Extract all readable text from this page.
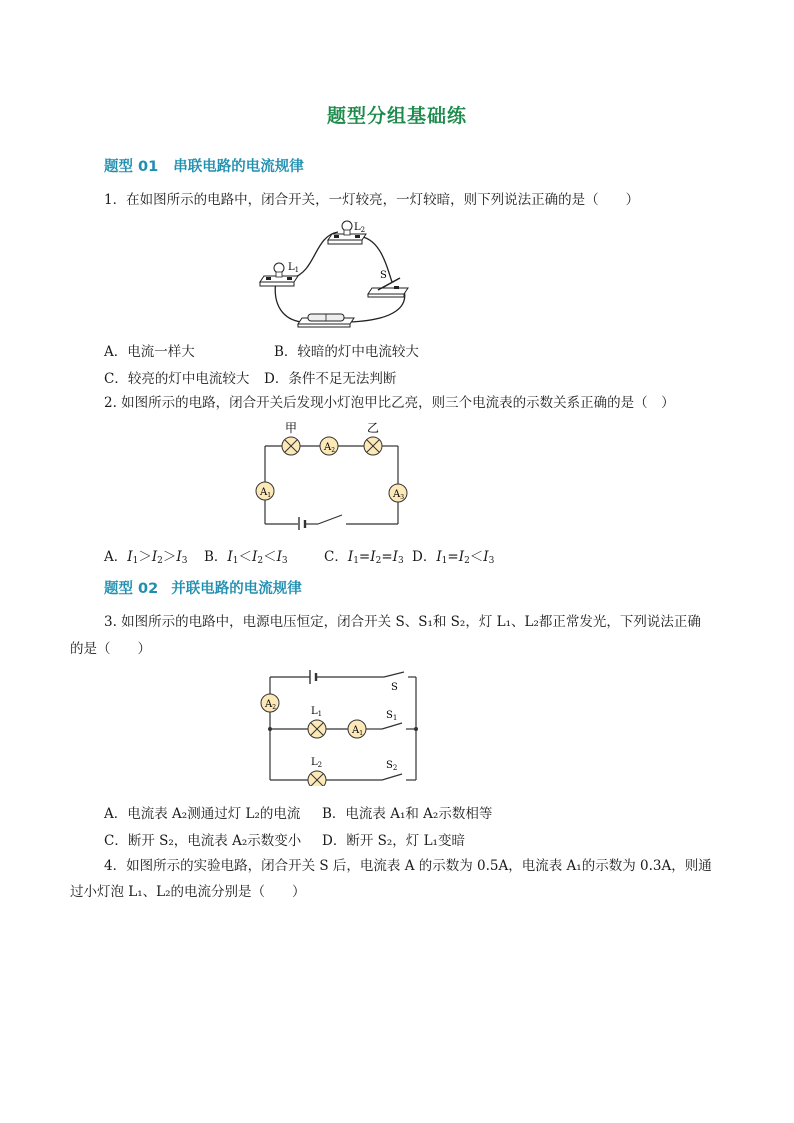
题型分组基础练
题型 01 串联电路的电流规律
1．在如图所示的电路中，闭合开关，一灯较亮，一灯较暗，则下列说法正确的是（　　）
$L_2$
$L_1$	S
A．电流一样大	B．较暗的灯中电流较大
C．较亮的灯中电流较大 D．条件不足无法判断
2. 如图所示的电路，闭合开关后发现小灯泡甲比乙亮，则三个电流表的示数关系正确的是（　）
甲
$A_2$
乙
$A_1$	$A_3$
A．$I_1>I_2>I_3$ B．$I_1<I_2<I_3$	C．$I_1=I_2=I_3$ D．$I_1=I_2<I_3$
题型 02 并联电路的电流规律
3. 如图所示的电路中，电源电压恒定，闭合开关 S、S₁和 S₂，灯 L₁、L₂都正常发光，下列说法正确
的是（　　）
S
$S_1$
$S_2$
$A_2$	$L_1$
$A_1$
$L_2$
A．电流表 A₂测通过灯 L₂的电流 B．电流表 A₁和 A₂示数相等
C．断开 S₂，电流表 A₂示数变小 D．断开 S₂，灯 L₁变暗
4．如图所示的实验电路，闭合开关 S 后，电流表 A 的示数为 0.5A，电流表 A₁的示数为 0.3A，则通
过小灯泡 L₁、L₂的电流分别是（　　）
